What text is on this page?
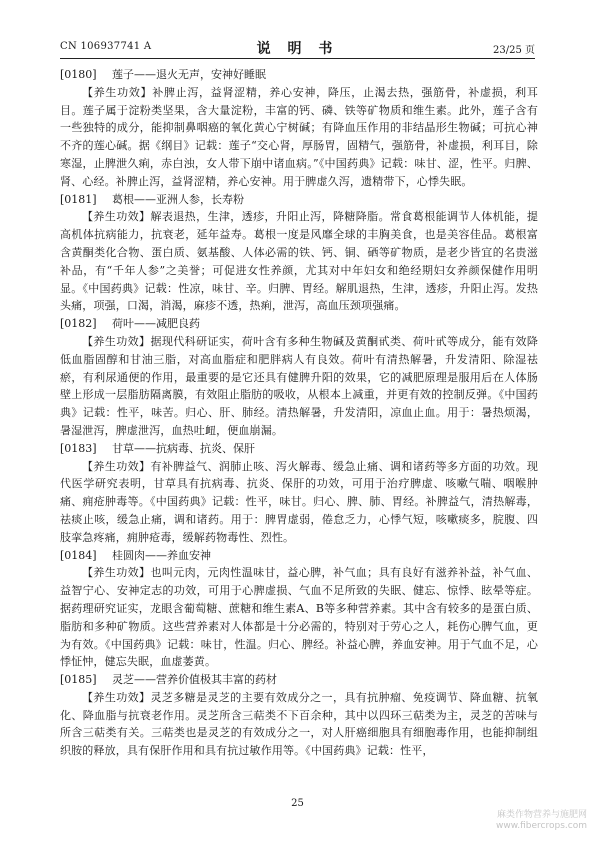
CN 106937741 A	说 明 书	23/25 页
[0180] 莲子——退火无声，安神好睡眠
【养生功效】补脾止泻，益肾涩精，养心安神，降压，止渴去热，强筋骨，补虚损，利耳目。莲子属于淀粉类坚果，含大量淀粉，丰富的钙、磷、铁等矿物质和维生素。此外，莲子含有一些独特的成分，能抑制鼻咽癌的氧化黄心宁树碱；有降血压作用的非结晶形生物碱；可抗心神不齐的莲心碱。据《纲目》记载：莲子“交心肾，厚肠胃，固精气，强筋骨，补虚损，利耳目，除寒湿，止脾泄久痢，赤白浊，女人带下崩中诸血病。”《中国药典》记载：味甘、涩，性平。归脾、肾、心经。补脾止泻，益肾涩精，养心安神。用于脾虚久泻，遗精带下，心悸失眠。
[0181] 葛根——亚洲人参，长寿粉
【养生功效】解表退热，生津，透疹，升阳止泻，降糖降脂。常食葛根能调节人体机能，提高机体抗病能力，抗衰老，延年益寿。葛根一度是风靡全球的丰胸美食，也是美容佳品。葛根富含黄酮类化合物、蛋白质、氨基酸、人体必需的铁、钙、铜、硒等矿物质，是老少皆宜的名贵滋补品，有“千年人参”之美誉；可促进女性养颜，尤其对中年妇女和绝经期妇女养颜保健作用明显。《中国药典》记载：性凉，味甘、辛。归脾、胃经。解肌退热，生津，透疹，升阳止泻。发热头痛，项强，口渴，消渴，麻疹不透，热痢，泄泻，高血压颈项强痛。
[0182] 荷叶——减肥良药
【养生功效】据现代科研证实，荷叶含有多种生物碱及黄酮甙类、荷叶甙等成分，能有效降低血脂固醇和甘油三脂，对高血脂症和肥胖病人有良效。荷叶有清热解暑，升发清阳、除湿祛瘀，有利尿通便的作用，最重要的是它还具有健脾升阳的效果，它的减肥原理是服用后在人体肠壁上形成一层脂肪隔离膜，有效阻止脂肪的吸收，从根本上减重，并更有效的控制反弹。《中国药典》记载：性平，味苦。归心、肝、肺经。清热解暑，升发清阳，凉血止血。用于：暑热烦渴，暑湿泄泻，脾虚泄泻，血热吐衄，便血崩漏。
[0183] 甘草——抗病毒、抗炎、保肝
【养生功效】有补脾益气、润肺止咳、泻火解毒、缓急止痛、调和诸药等多方面的功效。现代医学研究表明，甘草具有抗病毒、抗炎、保肝的功效，可用于治疗脾虚、咳嗽气喘、咽喉肿痛、痈疮肿毒等。《中国药典》记载：性平，味甘。归心、脾、肺、胃经。补脾益气，清热解毒，祛痰止咳，缓急止痛，调和诸药。用于：脾胃虚弱，倦怠乏力，心悸气短，咳嗽痰多，脘腹、四肢挛急疼痛，痈肿疮毒，缓解药物毒性、烈性。
[0184] 桂圆肉——养血安神
【养生功效】也叫元肉，元肉性温味甘，益心脾，补气血；具有良好有滋养补益，补气血、益智宁心、安神定志的功效，可用于心脾虚损、气血不足所致的失眠、健忘、惊悸、眩晕等症。据药理研究证实，龙眼含葡萄糖、蔗糖和维生素A、B等多种营养素。其中含有较多的是蛋白质、脂肪和多种矿物质。这些营养素对人体都是十分必需的，特别对于劳心之人，耗伤心脾气血，更为有效。《中国药典》记载：味甘，性温。归心、脾经。补益心脾，养血安神。用于气血不足，心悸怔忡，健忘失眠，血虚萎黄。
[0185] 灵芝——营养价值极其丰富的药材
【养生功效】灵芝多糖是灵芝的主要有效成分之一，具有抗肿瘤、免疫调节、降血糖、抗氧化、降血脂与抗衰老作用。灵芝所含三萜类不下百余种，其中以四环三萜类为主，灵芝的苦味与所含三萜类有关。三萜类也是灵芝的有效成分之一，对人肝癌细胞具有细胞毒作用，也能抑制组织胺的释放，具有保肝作用和具有抗过敏作用等。《中国药典》记载：性平，
25
麻类作物营养与施肥网
www.fibercrops.com
